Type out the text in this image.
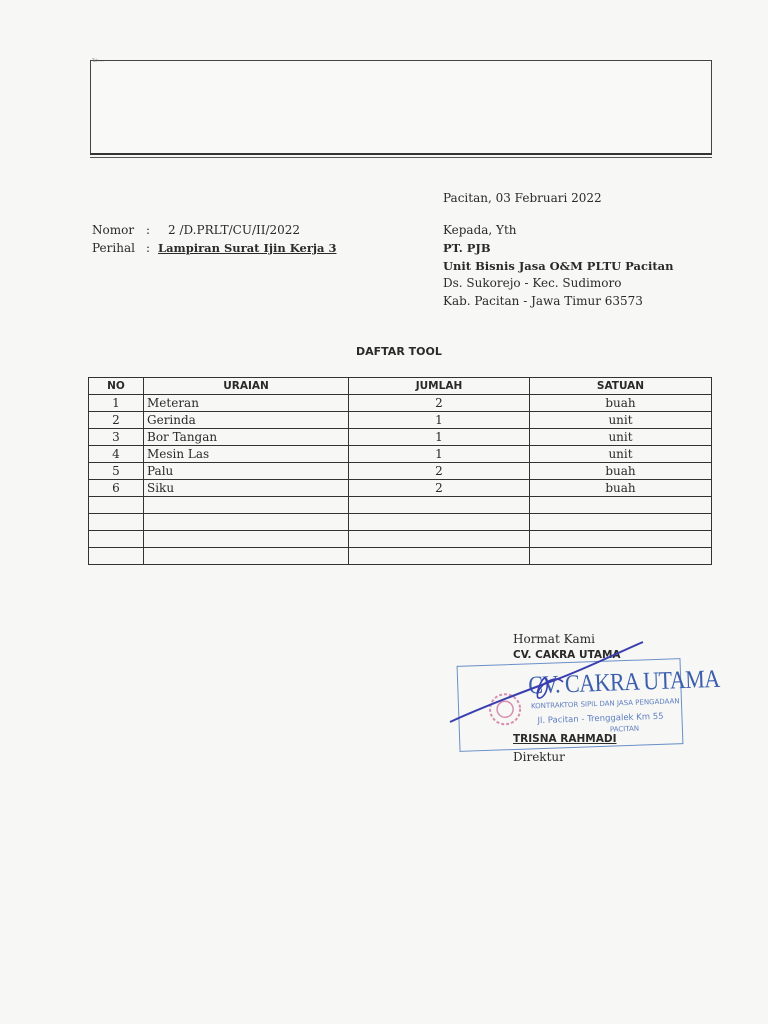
Tel: ...
Pacitan, 03 Februari 2022
Nomor : 2 /D.PRLT/CU/II/2022
Perihal : Lampiran Surat Ijin Kerja 3
Kepada, Yth
PT. PJB
Unit Bisnis Jasa O&M PLTU Pacitan
Ds. Sukorejo - Kec. Sudimoro
Kab. Pacitan - Jawa Timur 63573
DAFTAR TOOL
NO	URAIAN	JUMLAH	SATUAN
1	Meteran	2	buah
2	Gerinda	1	unit
3	Bor Tangan	1	unit
4	Mesin Las	1	unit
5	Palu	2	buah
6	Siku	2	buah

Hormat Kami
CV. CAKRA UTAMA
CV. CAKRA UTAMA
KONTRAKTOR SIPIL DAN JASA PENGADAAN
Jl. Pacitan - Trenggalek Km 55
PACITAN
TRISNA RAHMADI
Direktur
